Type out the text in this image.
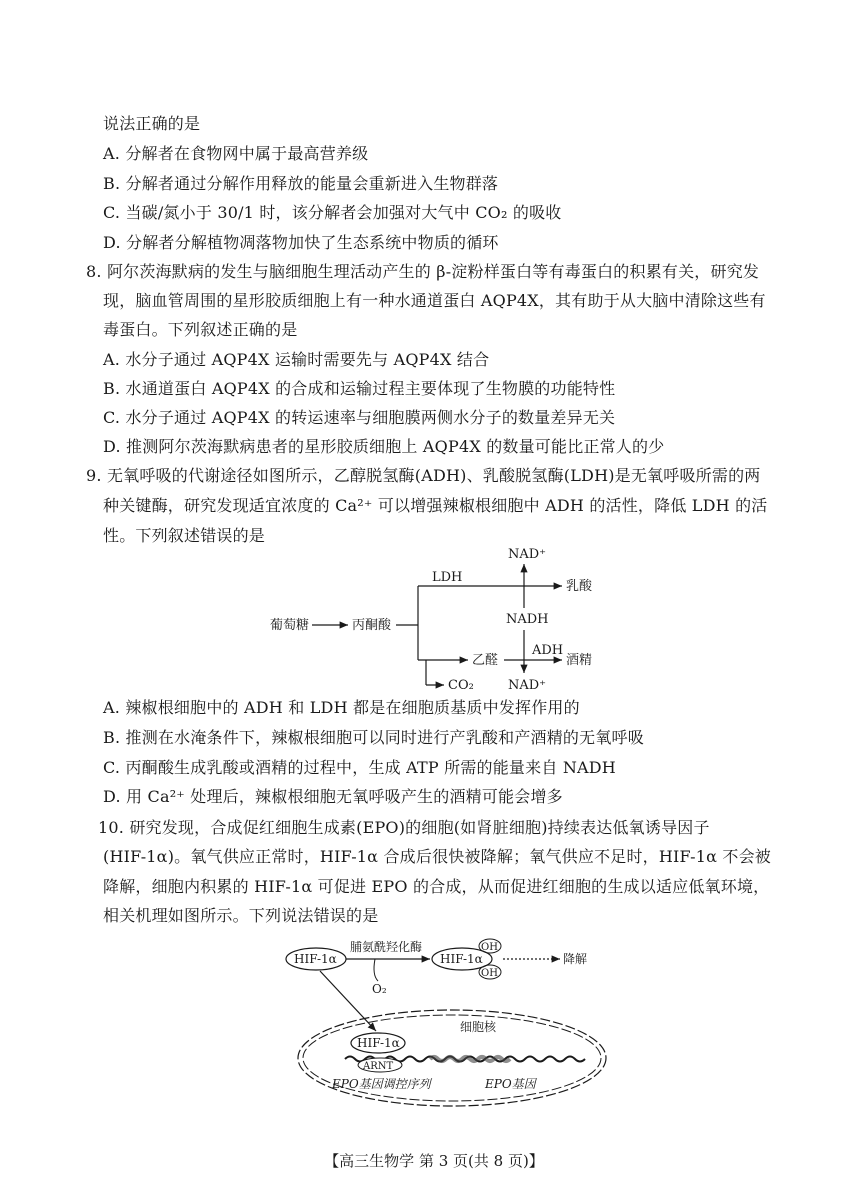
说法正确的是
A. 分解者在食物网中属于最高营养级
B. 分解者通过分解作用释放的能量会重新进入生物群落
C. 当碳/氮小于 30/1 时，该分解者会加强对大气中 CO₂ 的吸收
D. 分解者分解植物凋落物加快了生态系统中物质的循环
8. 阿尔茨海默病的发生与脑细胞生理活动产生的 β-淀粉样蛋白等有毒蛋白的积累有关，研究发
现，脑血管周围的星形胶质细胞上有一种水通道蛋白 AQP4X，其有助于从大脑中清除这些有
毒蛋白。下列叙述正确的是
A. 水分子通过 AQP4X 运输时需要先与 AQP4X 结合
B. 水通道蛋白 AQP4X 的合成和运输过程主要体现了生物膜的功能特性
C. 水分子通过 AQP4X 的转运速率与细胞膜两侧水分子的数量差异无关
D. 推测阿尔茨海默病患者的星形胶质细胞上 AQP4X 的数量可能比正常人的少
9. 无氧呼吸的代谢途径如图所示，乙醇脱氢酶(ADH)、乳酸脱氢酶(LDH)是无氧呼吸所需的两
种关键酶，研究发现适宜浓度的 Ca²⁺ 可以增强辣椒根细胞中 ADH 的活性，降低 LDH 的活
性。下列叙述错误的是
葡萄糖	丙酮酸
LDH
乳酸
NAD⁺
NADH
乙醛
ADH
酒精
CO₂	NAD⁺
A. 辣椒根细胞中的 ADH 和 LDH 都是在细胞质基质中发挥作用的
B. 推测在水淹条件下，辣椒根细胞可以同时进行产乳酸和产酒精的无氧呼吸
C. 丙酮酸生成乳酸或酒精的过程中，生成 ATP 所需的能量来自 NADH
D. 用 Ca²⁺ 处理后，辣椒根细胞无氧呼吸产生的酒精可能会增多
10. 研究发现，合成促红细胞生成素(EPO)的细胞(如肾脏细胞)持续表达低氧诱导因子
(HIF-1α)。氧气供应正常时，HIF-1α 合成后很快被降解；氧气供应不足时，HIF-1α 不会被
降解，细胞内积累的 HIF-1α 可促进 EPO 的合成，从而促进红细胞的生成以适应低氧环境，
相关机理如图所示。下列说法错误的是
HIF-1α
脯氨酰羟化酶
O₂
HIF-1α
OH
OH
降解
细胞核
HIF-1α
ARNT
EPO基因调控序列	EPO基因
【高三生物学 第 3 页(共 8 页)】
